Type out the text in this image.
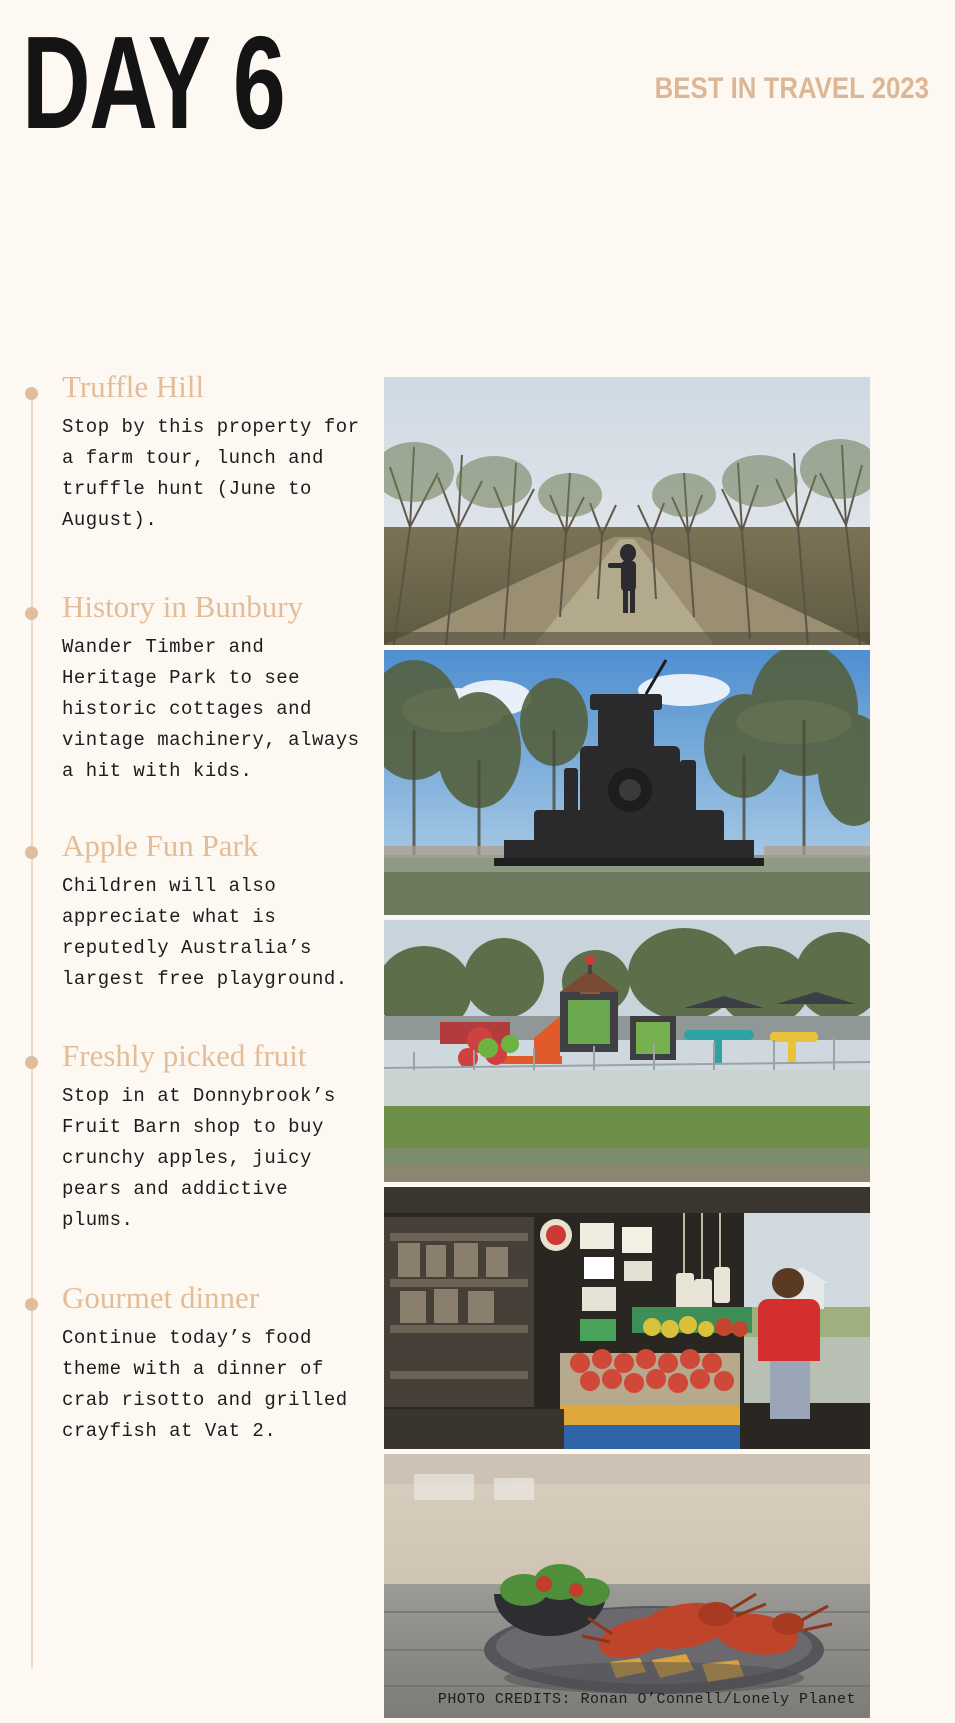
DAY 6	BEST IN TRAVEL 2023
Truffle Hill
Stop by this property for a farm tour, lunch and truffle hunt (June to August).
History in Bunbury
Wander Timber and Heritage Park to see historic cottages and vintage machinery, always a hit with kids.
Apple Fun Park
Children will also appreciate what is reputedly Australia’s largest free playground.
Freshly picked fruit
Stop in at Donnybrook’s Fruit Barn shop to buy crunchy apples, juicy pears and addictive plums.
Gourmet dinner
Continue today’s food theme with a dinner of crab risotto and grilled crayfish at Vat 2.
PHOTO CREDITS: Ronan O’Connell/Lonely Planet
